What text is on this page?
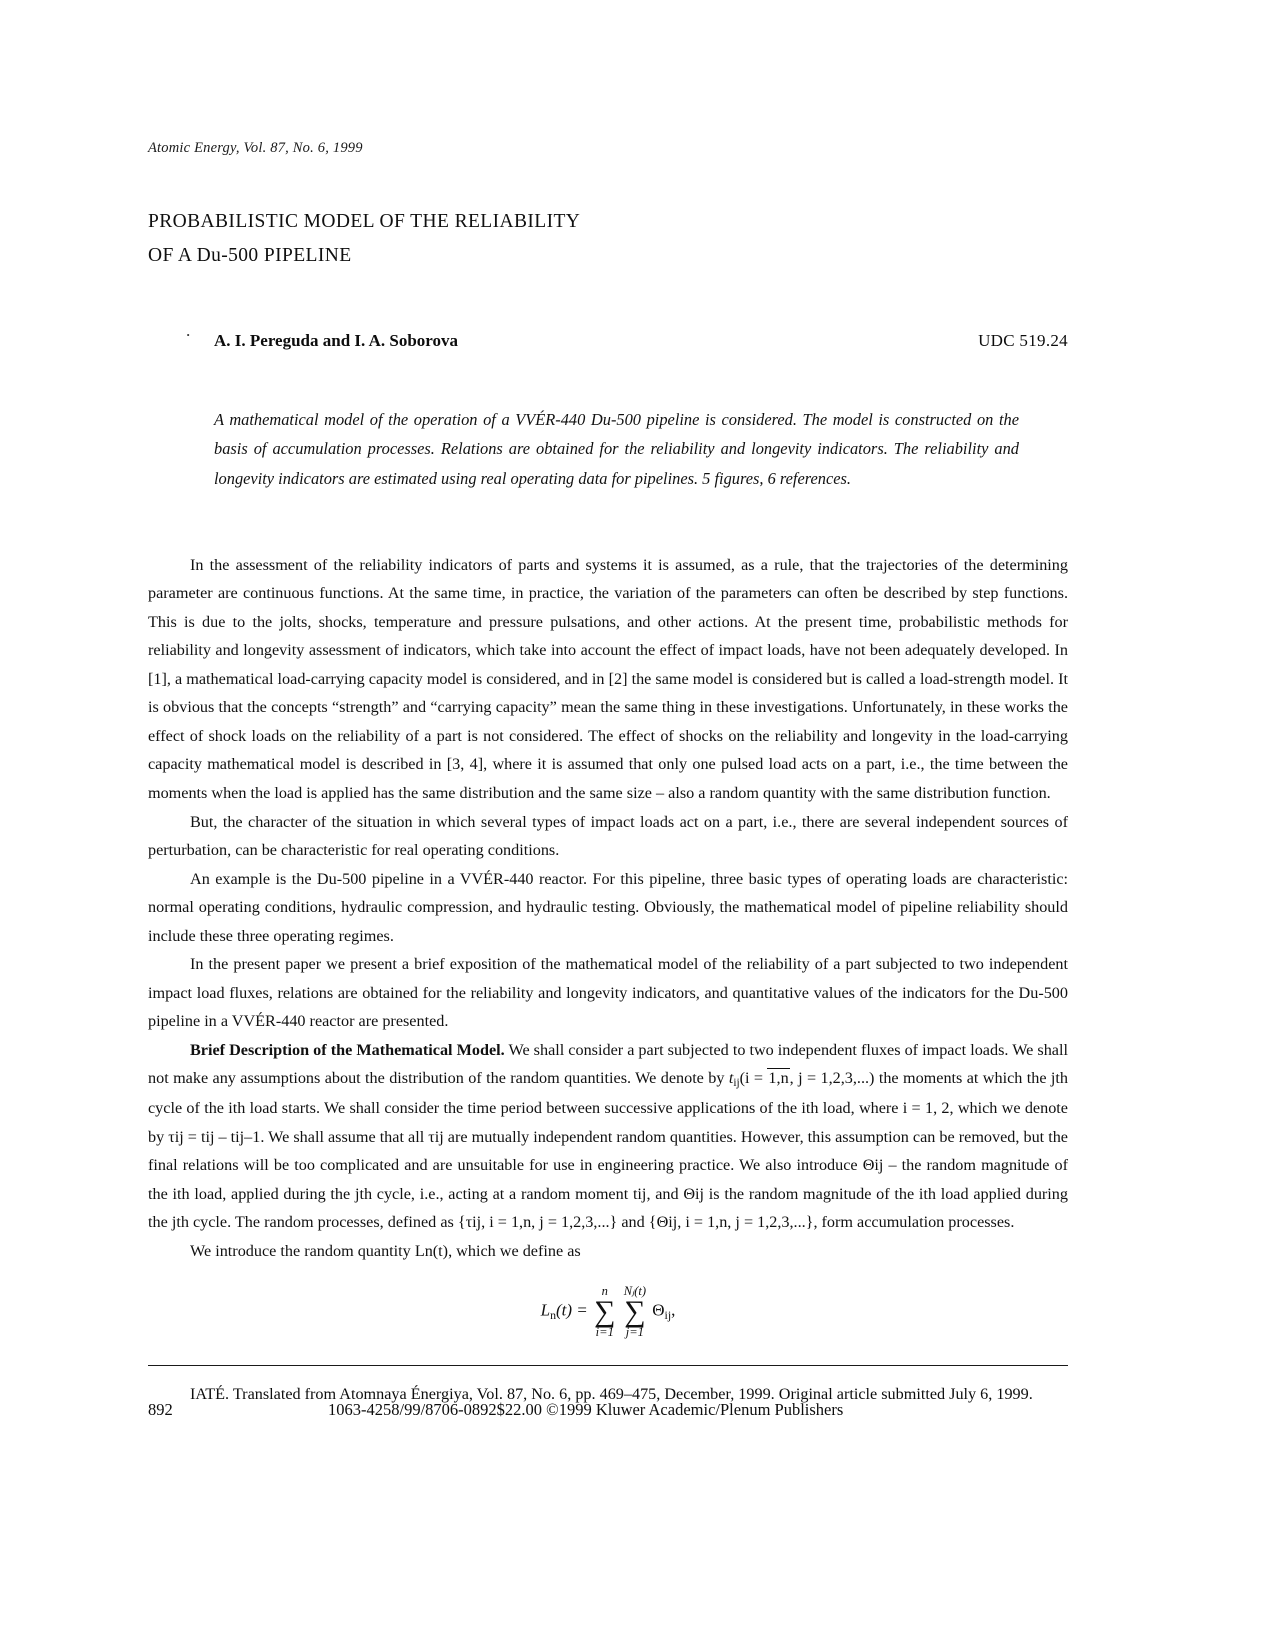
Atomic Energy, Vol. 87, No. 6, 1999
PROBABILISTIC MODEL OF THE RELIABILITY
OF A Du-500 PIPELINE
· A. I. Pereguda and I. A. Soborova	UDC 519.24
A mathematical model of the operation of a VVÉR-440 Du-500 pipeline is considered. The model is constructed on the basis of accumulation processes. Relations are obtained for the reliability and longevity indicators. The reliability and longevity indicators are estimated using real operating data for pipelines. 5 figures, 6 references.

In the assessment of the reliability indicators of parts and systems it is assumed, as a rule, that the trajectories of the determining parameter are continuous functions. At the same time, in practice, the variation of the parameters can often be described by step functions. This is due to the jolts, shocks, temperature and pressure pulsations, and other actions. At the present time, probabilistic methods for reliability and longevity assessment of indicators, which take into account the effect of impact loads, have not been adequately developed. In [1], a mathematical load-carrying capacity model is considered, and in [2] the same model is considered but is called a load-strength model. It is obvious that the concepts “strength” and “carrying capacity” mean the same thing in these investigations. Unfortunately, in these works the effect of shock loads on the reliability of a part is not considered. The effect of shocks on the reliability and longevity in the load-carrying capacity mathematical model is described in [3, 4], where it is assumed that only one pulsed load acts on a part, i.e., the time between the moments when the load is applied has the same distribution and the same size – also a random quantity with the same distribution function.

But, the character of the situation in which several types of impact loads act on a part, i.e., there are several independent sources of perturbation, can be characteristic for real operating conditions.

An example is the Du-500 pipeline in a VVÉR-440 reactor. For this pipeline, three basic types of operating loads are characteristic: normal operating conditions, hydraulic compression, and hydraulic testing. Obviously, the mathematical model of pipeline reliability should include these three operating regimes.

In the present paper we present a brief exposition of the mathematical model of the reliability of a part subjected to two independent impact load fluxes, relations are obtained for the reliability and longevity indicators, and quantitative values of the indicators for the Du-500 pipeline in a VVÉR-440 reactor are presented.

Brief Description of the Mathematical Model. We shall consider a part subjected to two independent fluxes of impact loads. We shall not make any assumptions about the distribution of the random quantities. We denote by $t_{ij}(i = 1,n$, j = 1,2,3,...) the moments at which the jth cycle of the ith load starts. We shall consider the time period between successive applications of the ith load, where i = 1, 2, which we denote by τij = tij – tij–1. We shall assume that all τij are mutually independent random quantities. However, this assumption can be removed, but the final relations will be too complicated and are unsuitable for use in engineering practice. We also introduce Θij – the random magnitude of the ith load, applied during the jth cycle, i.e., acting at a random moment tij, and Θij is the random magnitude of the ith load applied during the jth cycle. The random processes, defined as {τij, i = 1,n, j = 1,2,3,...} and {Θij, i = 1,n, j = 1,2,3,...}, form accumulation processes.

We introduce the random quantity Ln(t), which we define as

$L_n(t)$ =
n
∑
i=1

Nⱼ(t)
∑
j=1
$\Theta_{ij}$,
IATÉ. Translated from Atomnaya Énergiya, Vol. 87, No. 6, pp. 469–475, December, 1999. Original article submitted July 6, 1999.
892	1063-4258/99/8706-0892$22.00 ©1999 Kluwer Academic/Plenum Publishers
